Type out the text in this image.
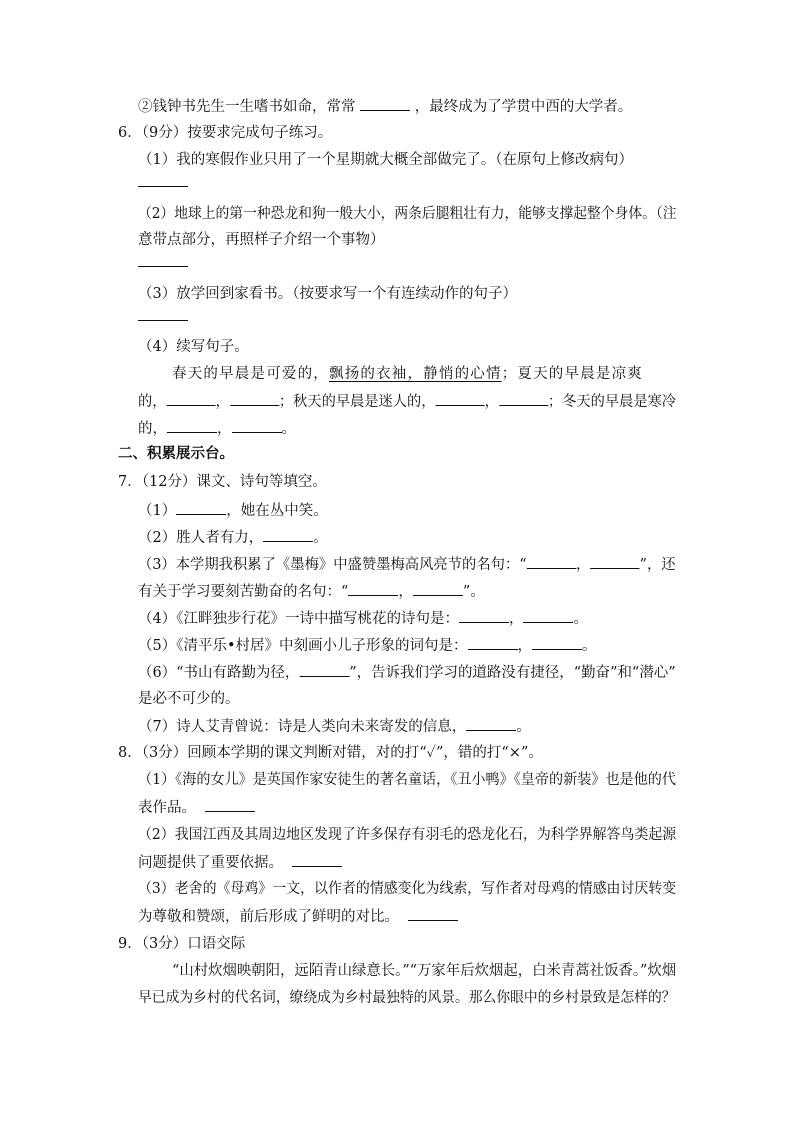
②钱钟书先生一生嗜书如命，常常	，最终成为了学贯中西的大学者。
6．（9分）按要求完成句子练习。
（1）我的寒假作业只用了一个星期就大概全部做完了。（在原句上修改病句）
（2）地球上的第一种恐龙和狗一般大小，两条后腿粗壮有力，能够支撑起整个身体。（注
意带点部分，再照样子介绍一个事物）
（3）放学回到家看书。（按要求写一个有连续动作的句子）
（4）续写句子。
春天的早晨是可爱的，飘扬的衣袖，静悄的心情；夏天的早晨是凉爽
的，	，	；秋天的早晨是迷人的，	，	；冬天的早晨是寒冷
的，	，	。
二、积累展示台。
7．（12分）课文、诗句等填空。
（1）	，她在丛中笑。
（2）胜人者有力，	。
（3）本学期我积累了《墨梅》中盛赞墨梅高风亮节的名句：“	，	”，还
有关于学习要刻苦勤奋的名句：“	，	”。
（4）《江畔独步行花》一诗中描写桃花的诗句是：	，	。
（5）《清平乐•村居》中刻画小儿子形象的词句是：	，	。
（6）“书山有路勤为径，	”，告诉我们学习的道路没有捷径，“勤奋”和“潜心”
是必不可少的。
（7）诗人艾青曾说：诗是人类向未来寄发的信息，	。
8．（3分）回顾本学期的课文判断对错，对的打“✓”，错的打“×”。
（1）《海的女儿》是英国作家安徒生的著名童话，《丑小鸭》《皇帝的新装》也是他的代
表作品。
（2）我国江西及其周边地区发现了许多保存有羽毛的恐龙化石，为科学界解答鸟类起源
问题提供了重要依据。
（3）老舍的《母鸡》一文，以作者的情感变化为线索，写作者对母鸡的情感由讨厌转变
为尊敬和赞颂，前后形成了鲜明的对比。
9．（3分）口语交际
“山村炊烟映朝阳，远陌青山绿意长。”“万家年后炊烟起，白米青蒿社饭香。”炊烟
早已成为乡村的代名词，缭绕成为乡村最独特的风景。那么你眼中的乡村景致是怎样的？
